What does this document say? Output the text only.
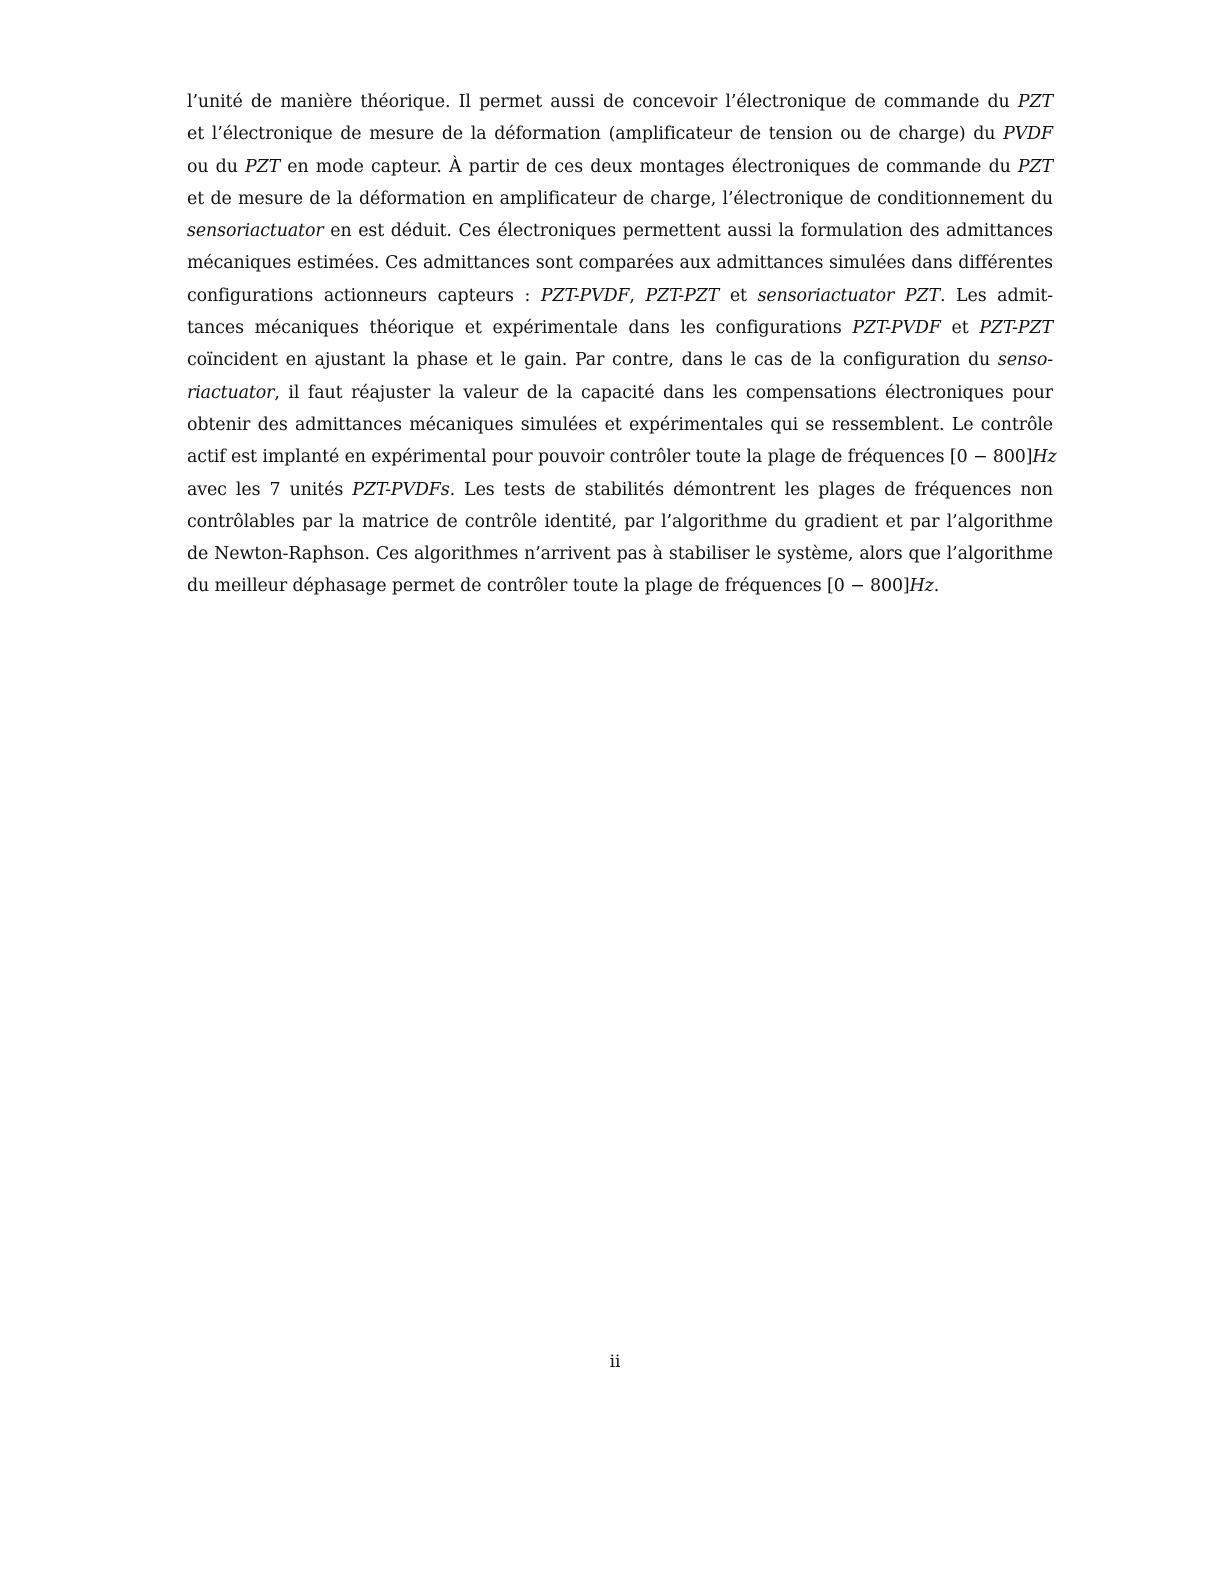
l’unité de manière théorique. Il permet aussi de concevoir l’électronique de commande du PZT
et l’électronique de mesure de la déformation (amplificateur de tension ou de charge) du PVDF
ou du PZT en mode capteur. À partir de ces deux montages électroniques de commande du PZT
et de mesure de la déformation en amplificateur de charge, l’électronique de conditionnement du
sensoriactuator en est déduit. Ces électroniques permettent aussi la formulation des admittances
mécaniques estimées. Ces admittances sont comparées aux admittances simulées dans différentes
configurations actionneurs capteurs : PZT-PVDF, PZT-PZT et sensoriactuator PZT. Les admit-
tances mécaniques théorique et expérimentale dans les configurations PZT-PVDF et PZT-PZT
coïncident en ajustant la phase et le gain. Par contre, dans le cas de la configuration du senso-
riactuator, il faut réajuster la valeur de la capacité dans les compensations électroniques pour
obtenir des admittances mécaniques simulées et expérimentales qui se ressemblent. Le contrôle
actif est implanté en expérimental pour pouvoir contrôler toute la plage de fréquences [0 − 800]Hz
avec les 7 unités PZT-PVDFs. Les tests de stabilités démontrent les plages de fréquences non
contrôlables par la matrice de contrôle identité, par l’algorithme du gradient et par l’algorithme
de Newton-Raphson. Ces algorithmes n’arrivent pas à stabiliser le système, alors que l’algorithme
du meilleur déphasage permet de contrôler toute la plage de fréquences [0 − 800]Hz.

ii
